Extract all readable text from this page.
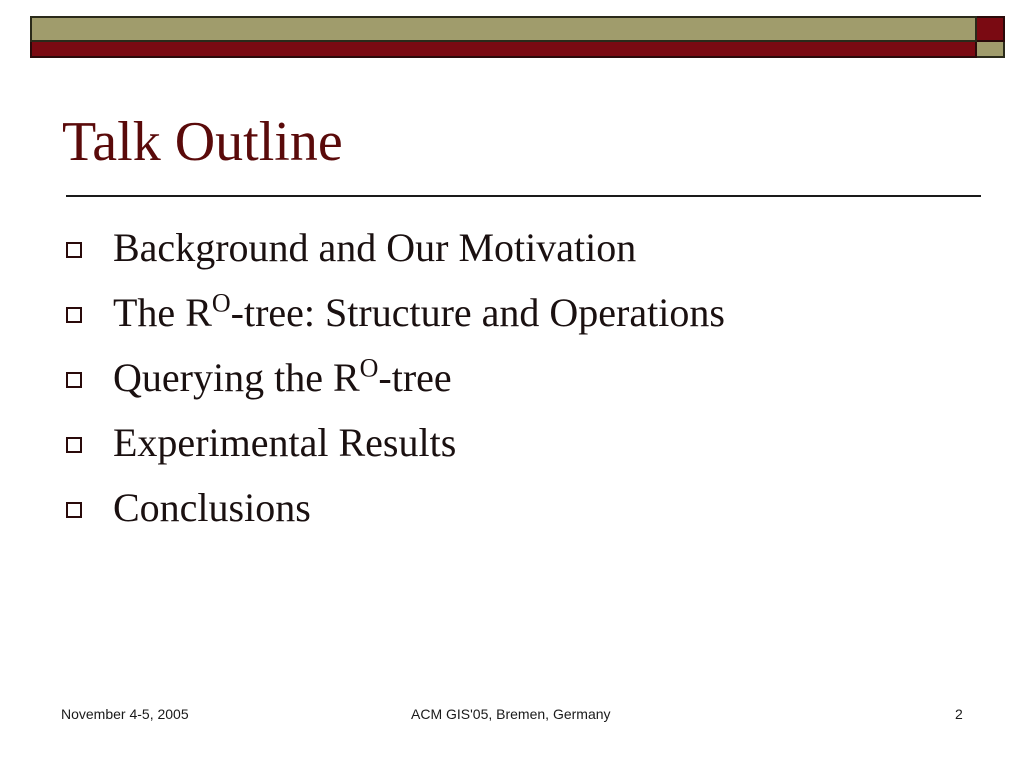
Talk Outline
Background and Our Motivation
The $R^O$-tree: Structure and Operations
Querying the $R^O$-tree
Experimental Results
Conclusions
November 4-5, 2005	ACM GIS'05, Bremen, Germany	2
